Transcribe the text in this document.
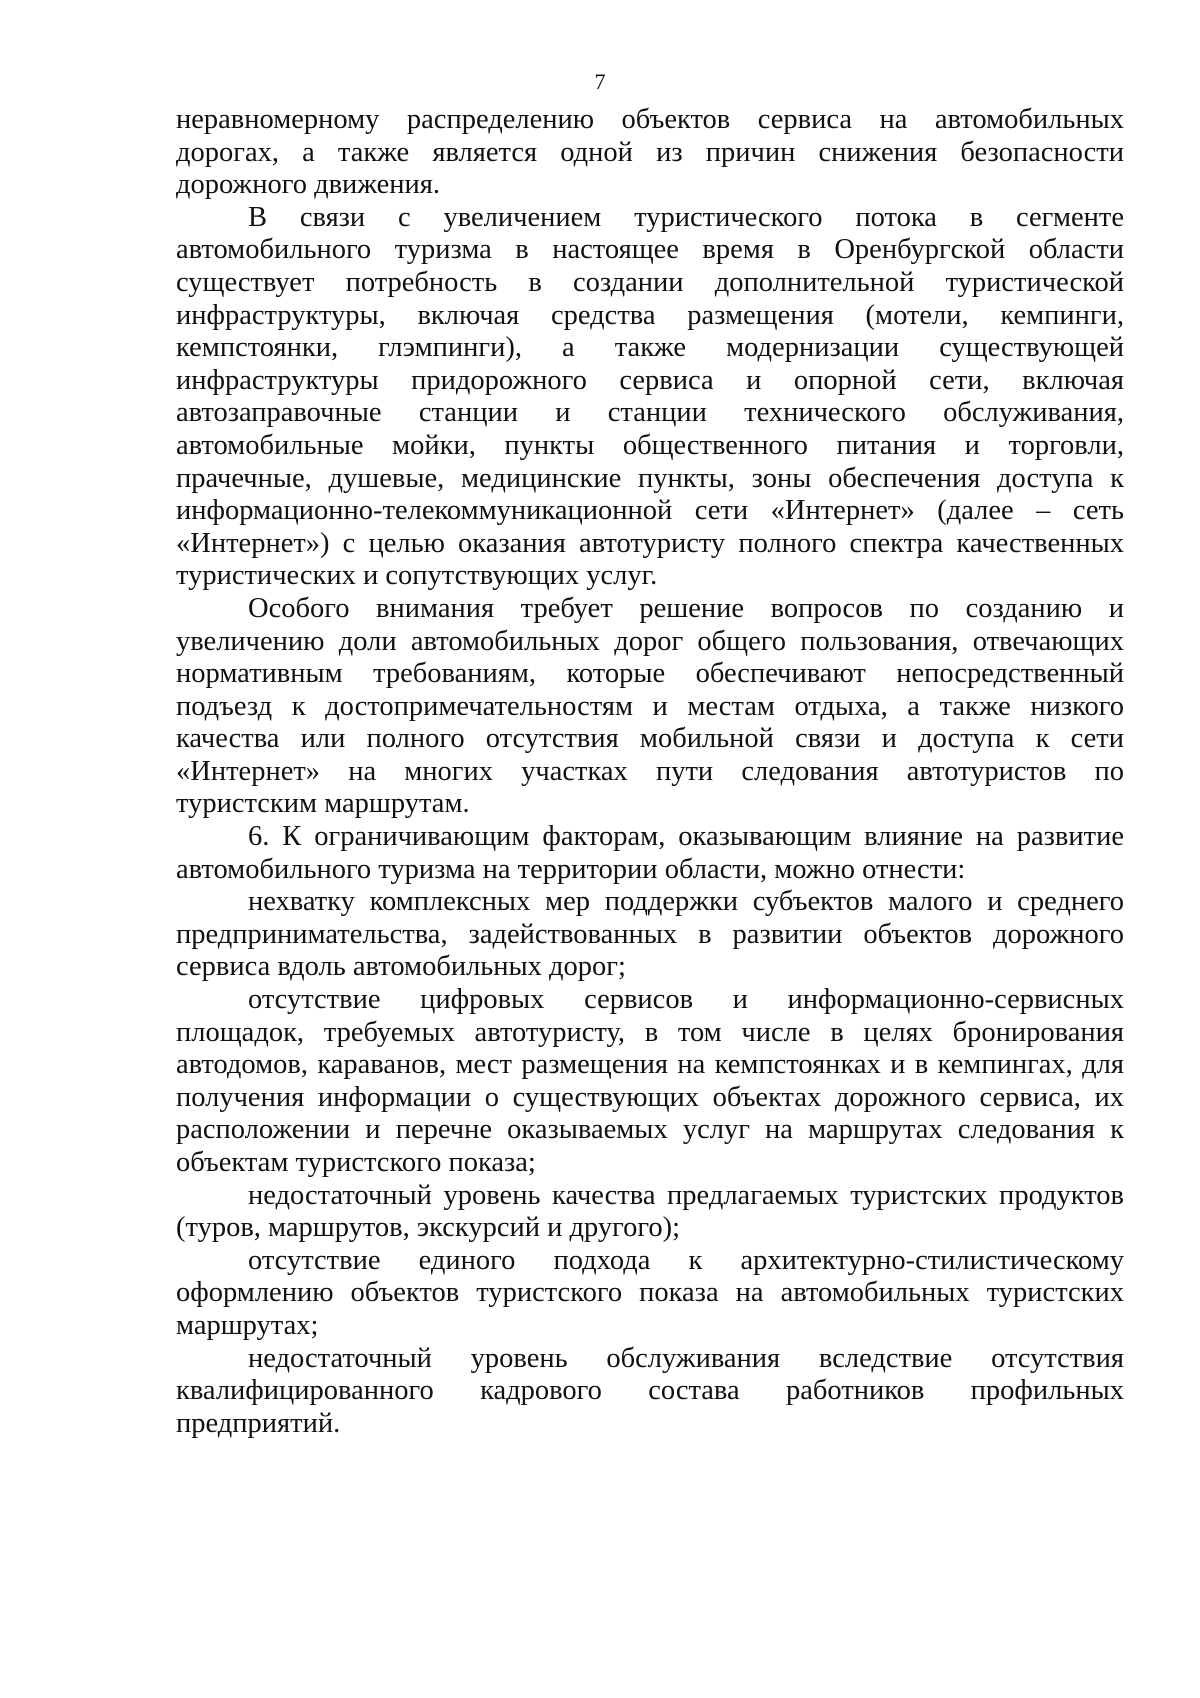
7

неравномерному распределению объектов сервиса на автомобильных дорогах, а также является одной из причин снижения безопасности дорожного движения.

В связи с увеличением туристического потока в сегменте автомобильного туризма в настоящее время в Оренбургской области существует потребность в создании дополнительной туристической инфраструктуры, включая средства размещения (мотели, кемпинги, кемпстоянки, глэмпинги), а также модернизации существующей инфраструктуры придорожного сервиса и опорной сети, включая автозаправочные станции и станции технического обслуживания, автомобильные мойки, пункты общественного питания и торговли, прачечные, душевые, медицинские пункты, зоны обеспечения доступа к информационно-телекоммуникационной сети «Интернет» (далее – сеть «Интернет») с целью оказания автотуристу полного спектра качественных туристических и сопутствующих услуг.

Особого внимания требует решение вопросов по созданию и увеличению доли автомобильных дорог общего пользования, отвечающих нормативным требованиям, которые обеспечивают непосредственный подъезд к достопримечательностям и местам отдыха, а также низкого качества или полного отсутствия мобильной связи и доступа к сети «Интернет» на многих участках пути следования автотуристов по туристским маршрутам.

6. К ограничивающим факторам, оказывающим влияние на развитие автомобильного туризма на территории области, можно отнести:

нехватку комплексных мер поддержки субъектов малого и среднего предпринимательства, задействованных в развитии объектов дорожного сервиса вдоль автомобильных дорог;

отсутствие цифровых сервисов и информационно-сервисных площадок, требуемых автотуристу, в том числе в целях бронирования автодомов, караванов, мест размещения на кемпстоянках и в кемпингах, для получения информации о существующих объектах дорожного сервиса, их расположении и перечне оказываемых услуг на маршрутах следования к объектам туристского показа;

недостаточный уровень качества предлагаемых туристских продуктов (туров, маршрутов, экскурсий и другого);

отсутствие единого подхода к архитектурно-стилистическому оформлению объектов туристского показа на автомобильных туристских маршрутах;

недостаточный уровень обслуживания вследствие отсутствия квалифицированного кадрового состава работников профильных предприятий.
